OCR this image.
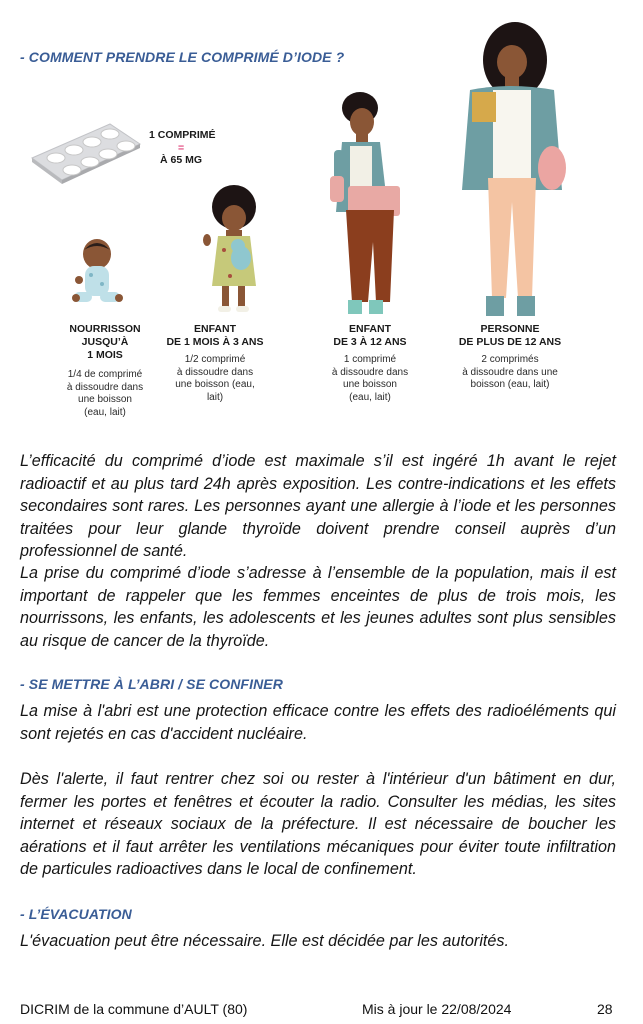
- COMMENT PRENDRE LE COMPRIMÉ D’IODE ?
1 COMPRIMÉ
=
À 65 MG
NOURRISSON
JUSQU’À
1 MOIS
1/4 de comprimé
à dissoudre dans
une boisson
(eau, lait)
ENFANT
DE 1 MOIS À 3 ANS
1/2 comprimé
à dissoudre dans
une boisson (eau,
lait)
ENFANT
DE 3 À 12 ANS
1 comprimé
à dissoudre dans
une boisson
(eau, lait)
PERSONNE
DE PLUS DE 12 ANS
2 comprimés
à dissoudre dans une
boisson (eau, lait)

L’efficacité du comprimé d’iode est maximale s’il est ingéré 1h avant le rejet radioactif et au plus tard 24h après exposition. Les contre-indications et les effets secondaires sont rares. Les personnes ayant une allergie à l’iode et les personnes traitées pour leur glande thyroïde doivent prendre conseil auprès d’un professionnel de santé.

La prise du comprimé d’iode s’adresse à l’ensemble de la population, mais il est important de rappeler que les femmes enceintes de plus de trois mois, les nourrissons, les enfants, les adolescents et les jeunes adultes sont plus sensibles au risque de cancer de la thyroïde.

- SE METTRE À L’ABRI / SE CONFINER

La mise à l'abri est une protection efficace contre les effets des radioéléments qui sont rejetés en cas d'accident nucléaire.

Dès l'alerte, il faut rentrer chez soi ou rester à l'intérieur d'un bâtiment en dur, fermer les portes et fenêtres et écouter la radio. Consulter les médias, les sites internet et réseaux sociaux de la préfecture. Il est nécessaire de boucher les aérations et il faut arrêter les ventilations mécaniques pour éviter toute infiltration de particules radioactives dans le local de confinement.

- L’ÉVACUATION

L'évacuation peut être nécessaire. Elle est décidée par les autorités.

DICRIM de la commune d’AULT (80)	Mis à jour le 22/08/2024	28
